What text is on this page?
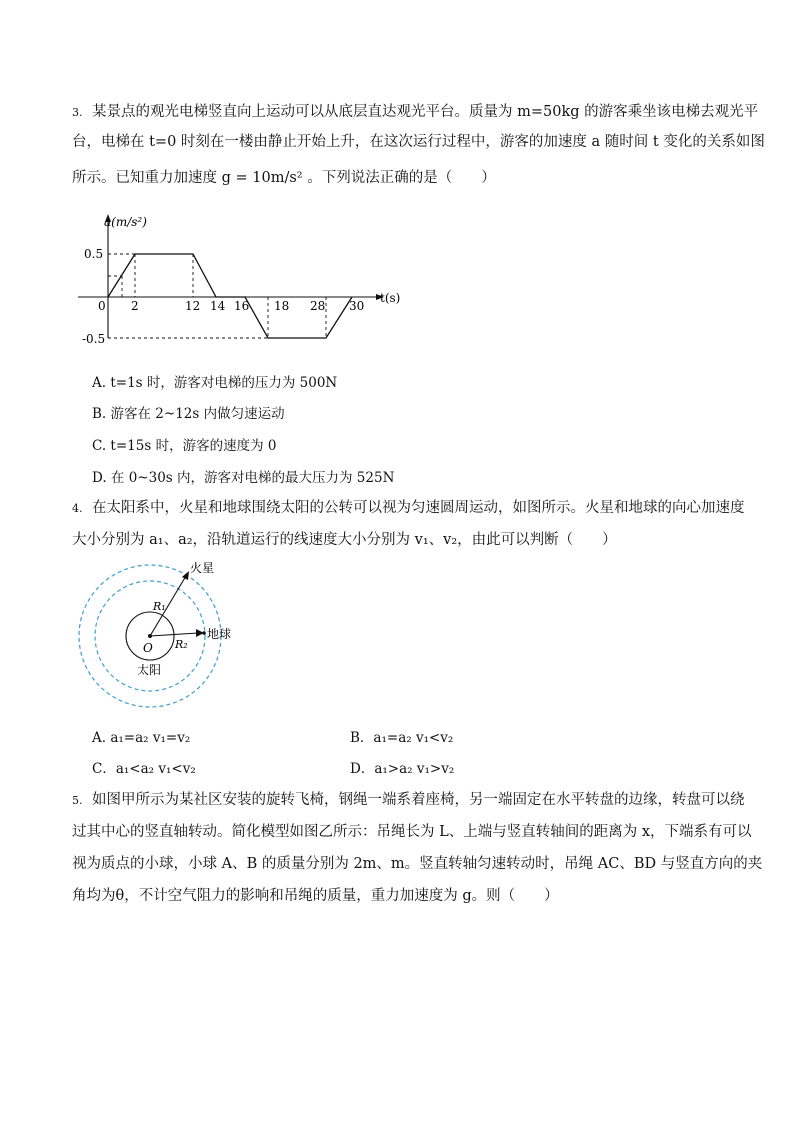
3. 某景点的观光电梯竖直向上运动可以从底层直达观光平台。质量为 m=50kg 的游客乘坐该电梯去观光平
台，电梯在 t=0 时刻在一楼由静止开始上升，在这次运行过程中，游客的加速度 a 随时间 t 变化的关系如图
所示。已知重力加速度 g = 10m/s² 。下列说法正确的是（　　）
a(m/s²)
t(s)
0
0.5
-0.5
2	12 14 16 18 28 30
A. t=1s 时，游客对电梯的压力为 500N
B. 游客在 2~12s 内做匀速运动
C. t=15s 时，游客的速度为 0
D. 在 0~30s 内，游客对电梯的最大压力为 525N
4. 在太阳系中，火星和地球围绕太阳的公转可以视为匀速圆周运动，如图所示。火星和地球的向心加速度
大小分别为 a₁、a₂，沿轨道运行的线速度大小分别为 v₁、v₂，由此可以判断（　　）
火星
地球
O
太阳
R₁
R₂
A. a₁=a₂ v₁=v₂	B．a₁=a₂ v₁<v₂
C．a₁<a₂ v₁<v₂	D．a₁>a₂ v₁>v₂
5. 如图甲所示为某社区安装的旋转飞椅，钢绳一端系着座椅，另一端固定在水平转盘的边缘，转盘可以绕
过其中心的竖直轴转动。简化模型如图乙所示：吊绳长为 L、上端与竖直转轴间的距离为 x，下端系有可以
视为质点的小球，小球 A、B 的质量分别为 2m、m。竖直转轴匀速转动时，吊绳 AC、BD 与竖直方向的夹
角均为θ，不计空气阻力的影响和吊绳的质量，重力加速度为 g。则（　　）
